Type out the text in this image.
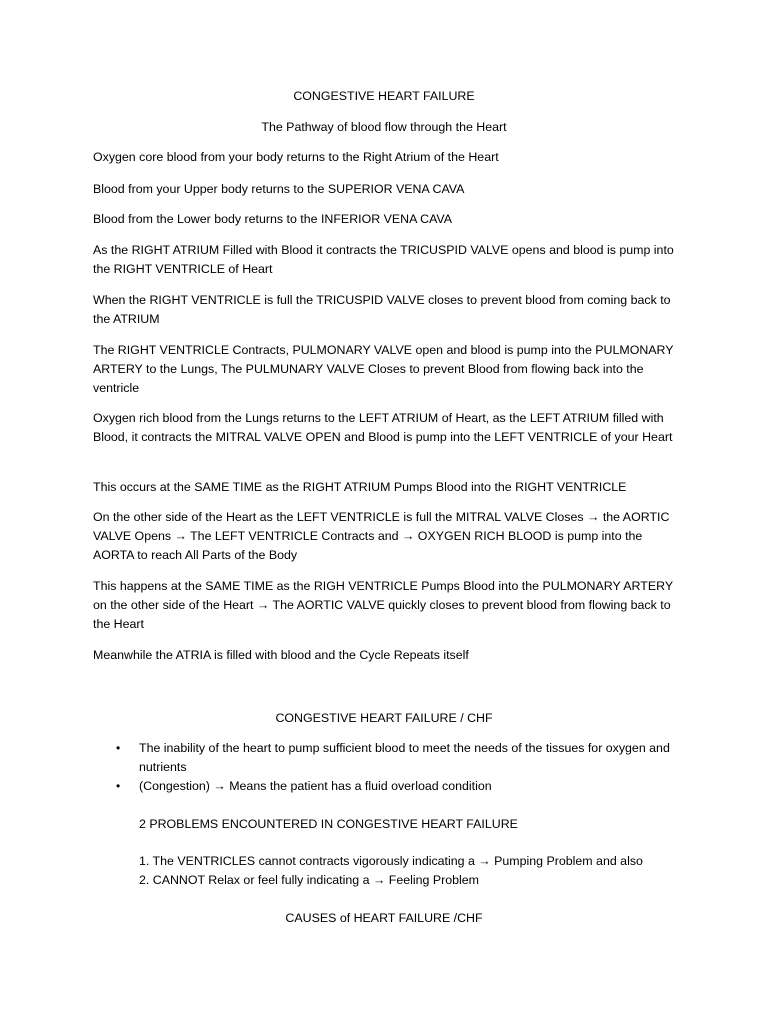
CONGESTIVE HEART FAILURE
The Pathway of blood flow through the Heart
Oxygen core blood from your body returns to the Right Atrium of the Heart
Blood from your Upper body returns to the SUPERIOR VENA CAVA
Blood from the Lower body returns to the INFERIOR VENA CAVA
As the RIGHT ATRIUM Filled with Blood it contracts the TRICUSPID VALVE opens and blood is pump into the RIGHT VENTRICLE of Heart
When the RIGHT VENTRICLE is full the TRICUSPID VALVE closes to prevent blood from coming back to the ATRIUM
The RIGHT VENTRICLE Contracts, PULMONARY VALVE open and blood is pump into the PULMONARY ARTERY to the Lungs, The PULMUNARY VALVE Closes to prevent Blood from flowing back into the ventricle
Oxygen rich blood from the Lungs returns to the LEFT ATRIUM of Heart, as the LEFT ATRIUM filled with Blood, it contracts the MITRAL VALVE OPEN and Blood is pump into the LEFT VENTRICLE of your Heart
This occurs at the SAME TIME as the RIGHT ATRIUM Pumps Blood into the RIGHT VENTRICLE
On the other side of the Heart as the LEFT VENTRICLE is full the MITRAL VALVE Closes → the AORTIC VALVE Opens → The LEFT VENTRICLE Contracts and → OXYGEN RICH BLOOD is pump into the AORTA to reach All Parts of the Body
This happens at the SAME TIME as the RIGH VENTRICLE Pumps Blood into the PULMONARY ARTERY on the other side of the Heart → The AORTIC VALVE quickly closes to prevent blood from flowing back to the Heart
Meanwhile the ATRIA is filled with blood and the Cycle Repeats itself
CONGESTIVE HEART FAILURE / CHF
• The inability of the heart to pump sufficient blood to meet the needs of the tissues for oxygen and nutrients
• (Congestion) → Means the patient has a fluid overload condition
2 PROBLEMS ENCOUNTERED IN CONGESTIVE HEART FAILURE
1. The VENTRICLES cannot contracts vigorously indicating a → Pumping Problem and also
2. CANNOT Relax or feel fully indicating a → Feeling Problem
CAUSES of HEART FAILURE /CHF
